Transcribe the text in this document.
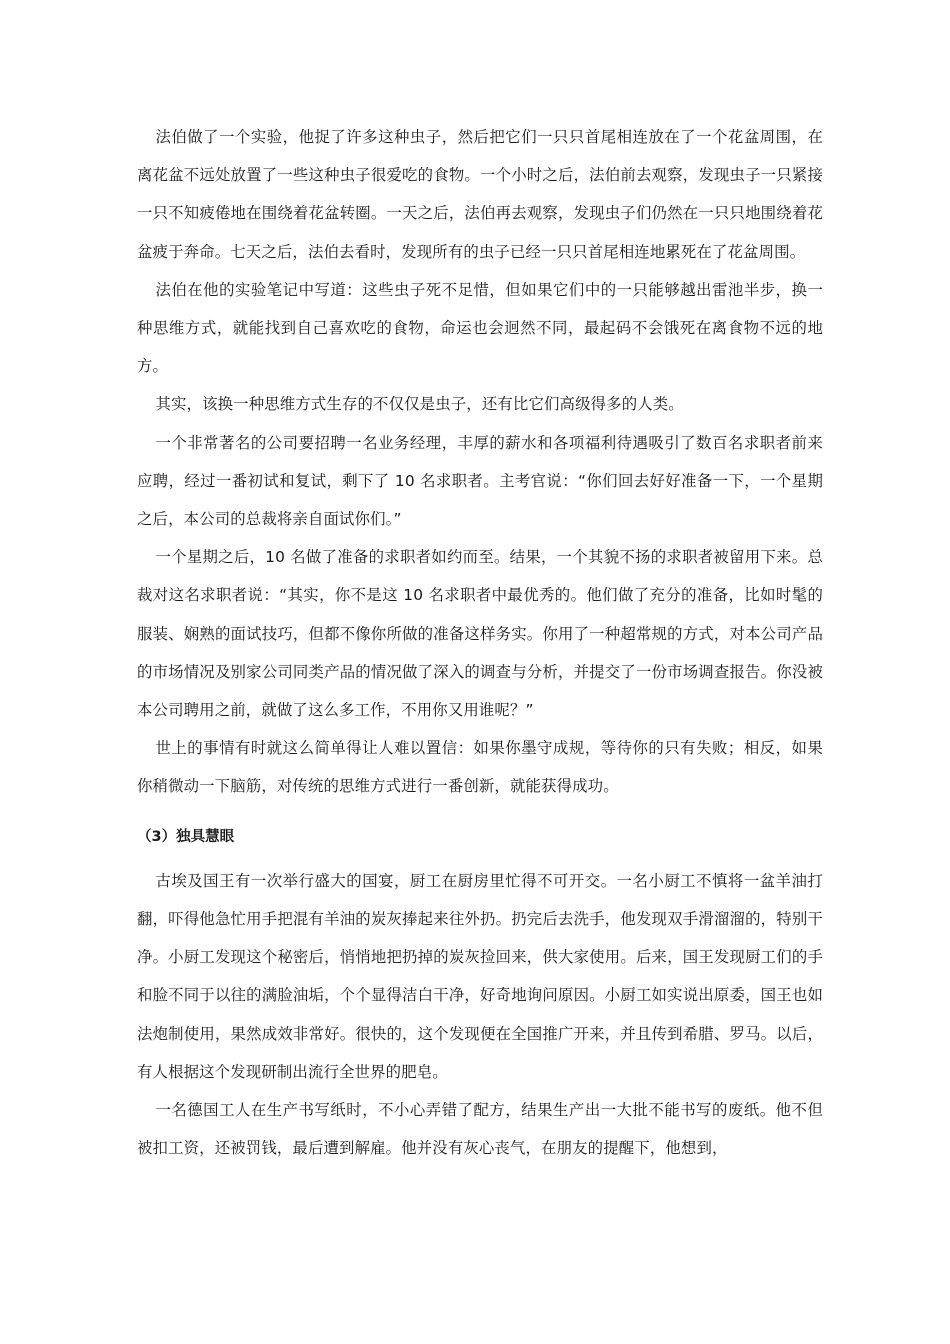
法伯做了一个实验，他捉了许多这种虫子，然后把它们一只只首尾相连放在了一个花盆周围，在离花盆不远处放置了一些这种虫子很爱吃的食物。一个小时之后，法伯前去观察，发现虫子一只紧接一只不知疲倦地在围绕着花盆转圈。一天之后，法伯再去观察，发现虫子们仍然在一只只地围绕着花盆疲于奔命。七天之后，法伯去看时，发现所有的虫子已经一只只首尾相连地累死在了花盆周围。

法伯在他的实验笔记中写道：这些虫子死不足惜，但如果它们中的一只能够越出雷池半步，换一种思维方式，就能找到自己喜欢吃的食物，命运也会迥然不同，最起码不会饿死在离食物不远的地方。

其实，该换一种思维方式生存的不仅仅是虫子，还有比它们高级得多的人类。

一个非常著名的公司要招聘一名业务经理，丰厚的薪水和各项福利待遇吸引了数百名求职者前来应聘，经过一番初试和复试，剩下了 10 名求职者。主考官说：“你们回去好好准备一下，一个星期之后，本公司的总裁将亲自面试你们。”

一个星期之后，10 名做了准备的求职者如约而至。结果，一个其貌不扬的求职者被留用下来。总裁对这名求职者说：“其实，你不是这 10 名求职者中最优秀的。他们做了充分的准备，比如时髦的服装、娴熟的面试技巧，但都不像你所做的准备这样务实。你用了一种超常规的方式，对本公司产品的市场情况及别家公司同类产品的情况做了深入的调查与分析，并提交了一份市场调查报告。你没被本公司聘用之前，就做了这么多工作，不用你又用谁呢？”

世上的事情有时就这么简单得让人难以置信：如果你墨守成规，等待你的只有失败；相反，如果你稍微动一下脑筋，对传统的思维方式进行一番创新，就能获得成功。

（3）独具慧眼

古埃及国王有一次举行盛大的国宴，厨工在厨房里忙得不可开交。一名小厨工不慎将一盆羊油打翻，吓得他急忙用手把混有羊油的炭灰捧起来往外扔。扔完后去洗手，他发现双手滑溜溜的，特别干净。小厨工发现这个秘密后，悄悄地把扔掉的炭灰捡回来，供大家使用。后来，国王发现厨工们的手和脸不同于以往的满脸油垢，个个显得洁白干净，好奇地询问原因。小厨工如实说出原委，国王也如法炮制使用，果然成效非常好。很快的，这个发现便在全国推广开来，并且传到希腊、罗马。以后，有人根据这个发现研制出流行全世界的肥皂。

一名德国工人在生产书写纸时，不小心弄错了配方，结果生产出一大批不能书写的废纸。他不但被扣工资，还被罚钱，最后遭到解雇。他并没有灰心丧气，在朋友的提醒下，他想到，
